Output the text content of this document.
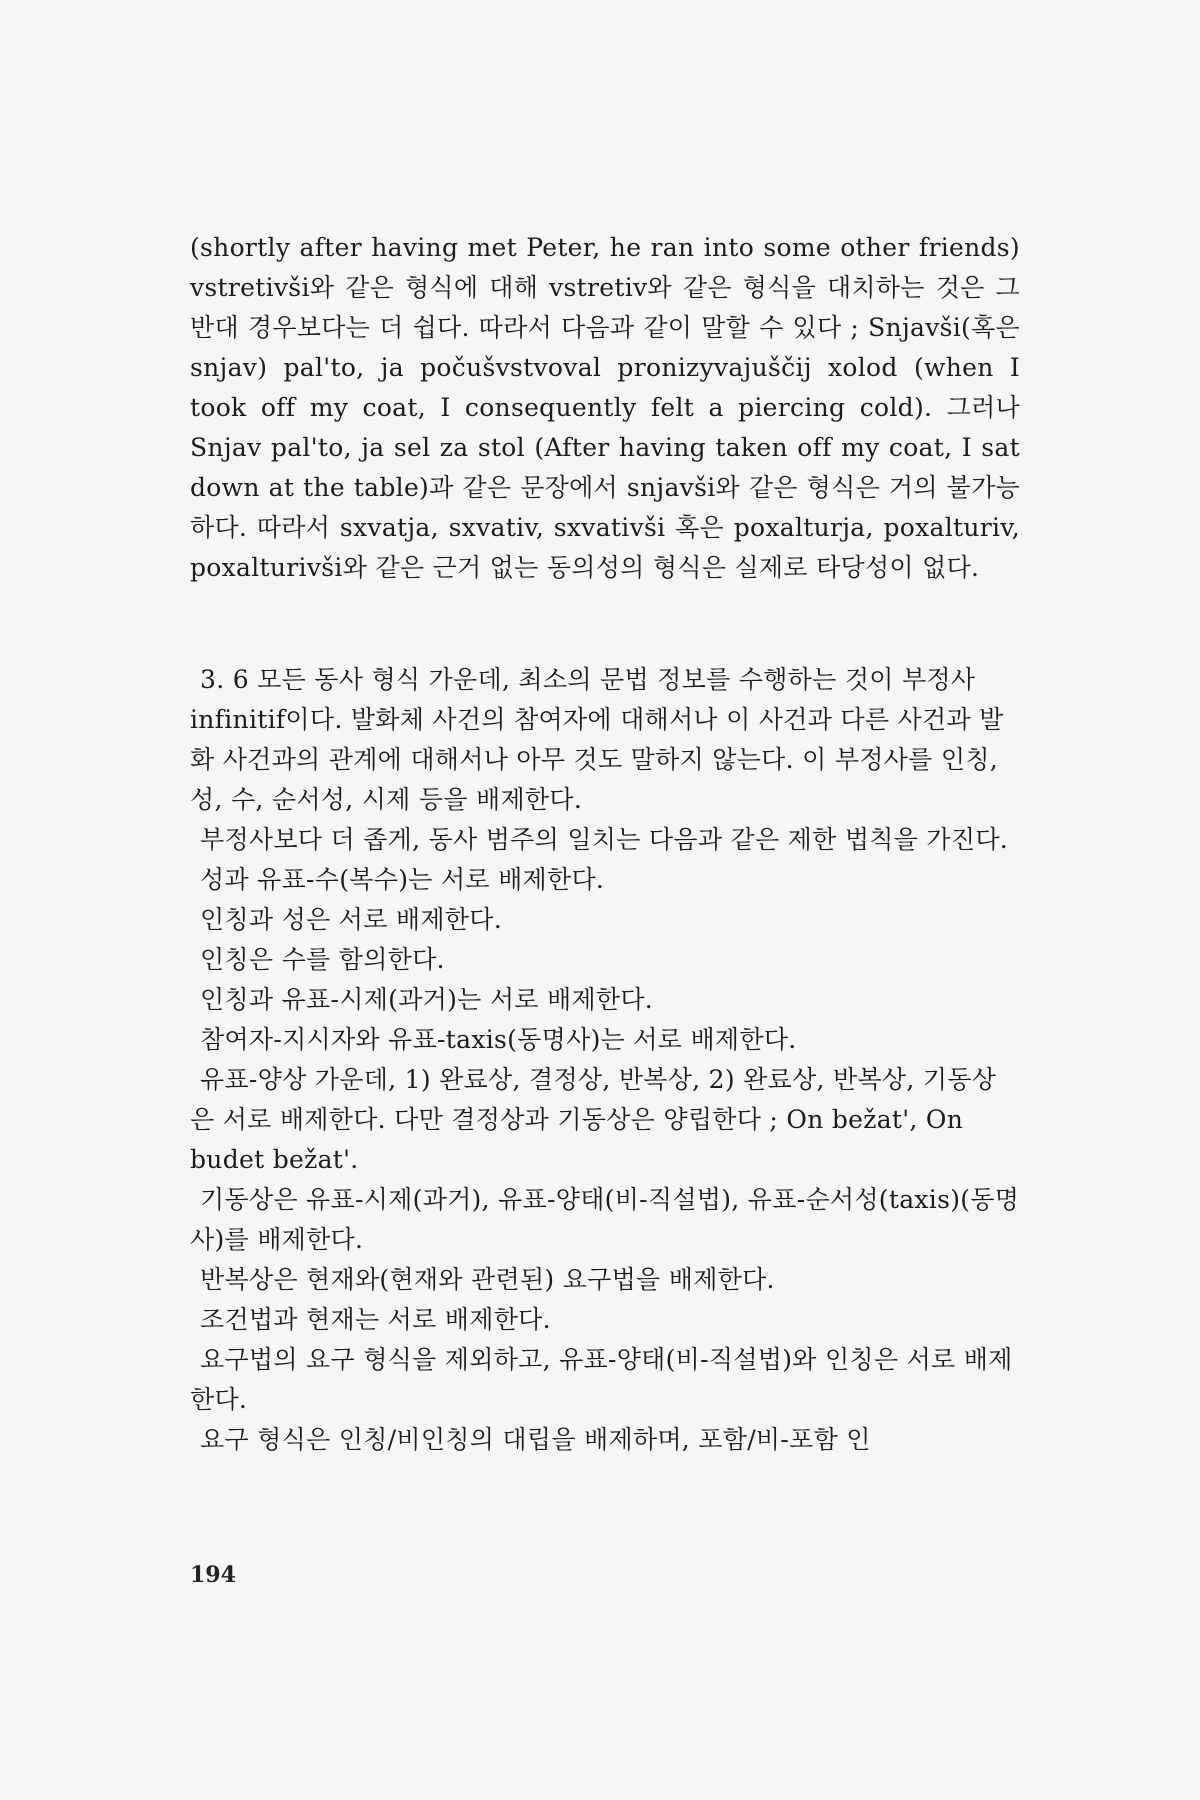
(shortly after having met Peter, he ran into some other friends) vstretivši와 같은 형식에 대해 vstretiv와 같은 형식을 대치하는 것은 그 반대 경우보다는 더 쉽다. 따라서 다음과 같이 말할 수 있다 ; Snjavši(혹은 snjav) pal'to, ja počušvstvoval pronizyvajuščij xolod (when I took off my coat, I consequently felt a piercing cold). 그러나 Snjav pal'to, ja sel za stol (After having taken off my coat, I sat down at the table)과 같은 문장에서 snjavši와 같은 형식은 거의 불가능하다. 따라서 sxvatja, sxvativ, sxvativši 혹은 poxalturja, poxalturiv, poxalturivši와 같은 근거 없는 동의성의 형식은 실제로 타당성이 없다.

3. 6 모든 동사 형식 가운데, 최소의 문법 정보를 수행하는 것이 부정사 infinitif이다. 발화체 사건의 참여자에 대해서나 이 사건과 다른 사건과 발화 사건과의 관계에 대해서나 아무 것도 말하지 않는다. 이 부정사를 인칭, 성, 수, 순서성, 시제 등을 배제한다.

부정사보다 더 좁게, 동사 범주의 일치는 다음과 같은 제한 법칙을 가진다.

성과 유표-수(복수)는 서로 배제한다.

인칭과 성은 서로 배제한다.

인칭은 수를 함의한다.

인칭과 유표-시제(과거)는 서로 배제한다.

참여자-지시자와 유표-taxis(동명사)는 서로 배제한다.

유표-양상 가운데, 1) 완료상, 결정상, 반복상, 2) 완료상, 반복상, 기동상은 서로 배제한다. 다만 결정상과 기동상은 양립한다 ; On bežat', On budet bežat'.

기동상은 유표-시제(과거), 유표-양태(비-직설법), 유표-순서성(taxis)(동명사)를 배제한다.

반복상은 현재와(현재와 관련된) 요구법을 배제한다.

조건법과 현재는 서로 배제한다.

요구법의 요구 형식을 제외하고, 유표-양태(비-직설법)와 인칭은 서로 배제한다.

요구 형식은 인칭/비인칭의 대립을 배제하며, 포함/비-포함 인

194
